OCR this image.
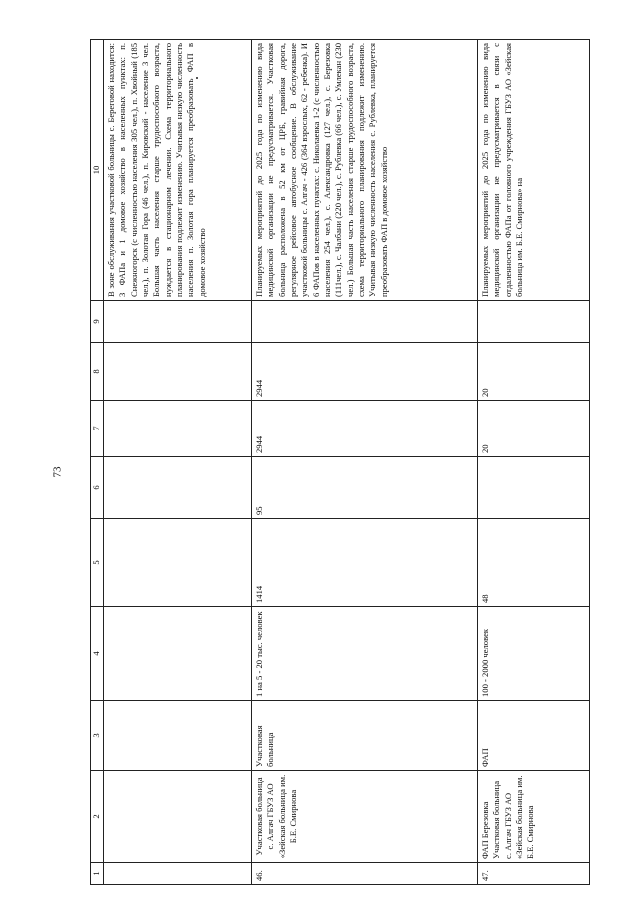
73
1	2	3	4	5	6	7	8	9	10
									В зоне обслуживания участковой больницы с. Береговой находится: 3 ФАПа и 1 домовое хозяйство в населенных пунктах: п. Снежногорск (с численностью населения 305 чел.), п. Хвойный (185 чел.), п. Золотая Гора (46 чел.), п. Кировский - население 3 чел. Большая часть населения старше трудоспособного возраста, нуждается в стационарном лечении. Схема территориального планирования подлежит изменению. Учитывая низкую численность населения п. Золотая гора планируется преобразовать ФАП в домовое хозяйство
46.	Участковая больница с. Алгач ГБУЗ АО «Зейская больница им. Б.Е. Смирнова	Участковая больница	1 на 5 - 20 тыс. человек	1414	95	2944	2944		Планируемых мероприятий до 2025 года по изменению вида медицинской организации не предусматривается. Участковая больница расположена в 52 км от ЦРБ, гравийная дорога, регулярное рейсовое автобусное сообщение. В обслуживание участковой больницы с. Алгач - 426 (364 взрослых, 62 - ребенка). И 6 ФАПов в населенных пунктах: с. Николаевка 1-2 (с численностью населения 254 чел.), с. Александровка (127 чел.), с. Березовка (111чел.), с. Чалбани (220 чел.), с. Рублевка (66 чел.), с. Умлекан (230 чел.) Большая часть населения старше трудоспособного возраста, схема территориального планирования подлежит изменению. Учитывая низкую численность населения с. Рублевка, планируется преобразовать ФАП в домовое хозяйство
47.	ФАП Березовка Участковая больница с. Алгач ГБУЗ АО «Зейская больница им. Б.Е. Смирнова	ФАП	100 - 2000 человек	48		20	20		Планируемых мероприятий до 2025 года по изменению вида медицинской организации не предусматривается в связи с отдаленностью ФАПа от головного учреждения ГБУЗ АО «Зейская больница им. Б.Е. Смирнова» на
